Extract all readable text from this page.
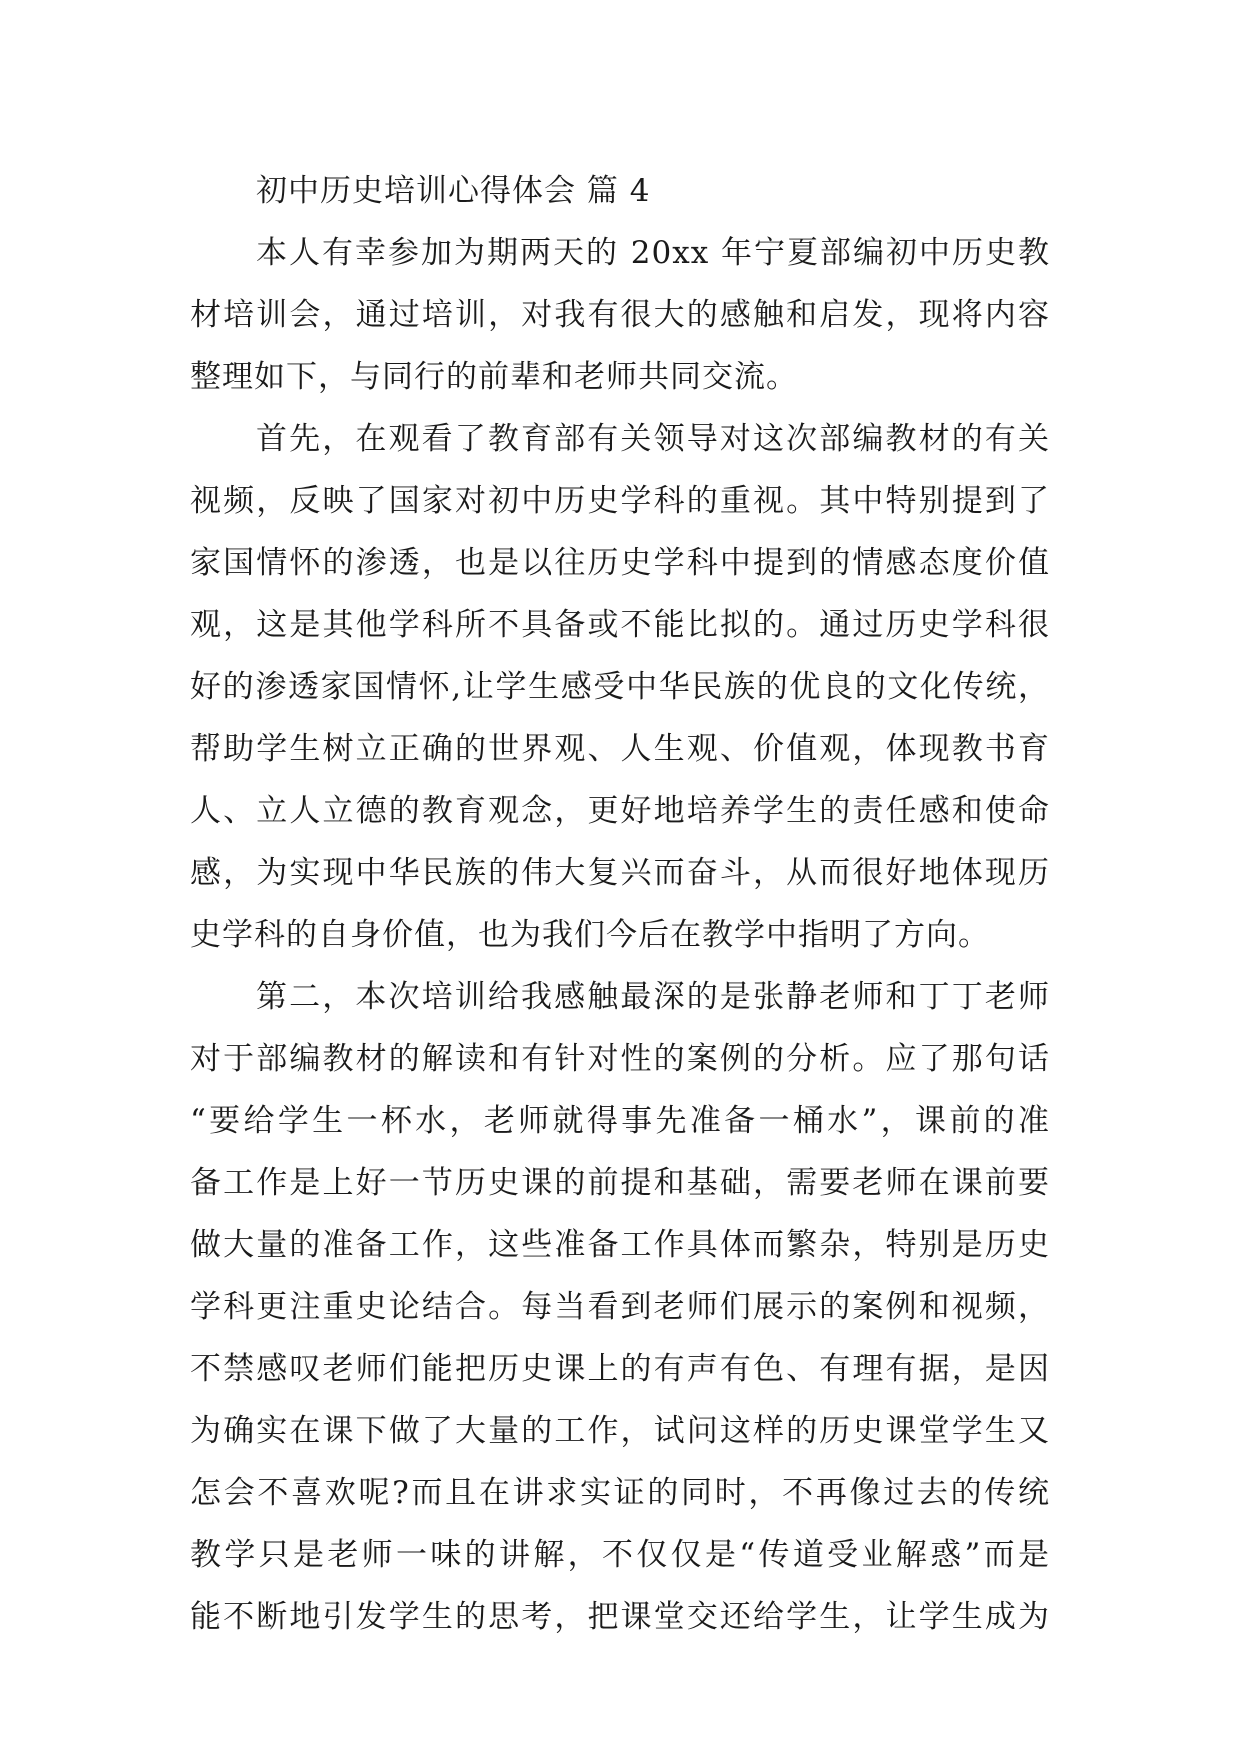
初中历史培训心得体会 篇 4
本人有幸参加为期两天的 20xx 年宁夏部编初中历史教
材培训会，通过培训，对我有很大的感触和启发，现将内容
整理如下，与同行的前辈和老师共同交流。
首先，在观看了教育部有关领导对这次部编教材的有关
视频，反映了国家对初中历史学科的重视。其中特别提到了
家国情怀的渗透，也是以往历史学科中提到的情感态度价值
观，这是其他学科所不具备或不能比拟的。通过历史学科很
好的渗透家国情怀,让学生感受中华民族的优良的文化传统，
帮助学生树立正确的世界观、人生观、价值观，体现教书育
人、立人立德的教育观念，更好地培养学生的责任感和使命
感，为实现中华民族的伟大复兴而奋斗，从而很好地体现历
史学科的自身价值，也为我们今后在教学中指明了方向。
第二，本次培训给我感触最深的是张静老师和丁丁老师
对于部编教材的解读和有针对性的案例的分析。应了那句话
“要给学生一杯水，老师就得事先准备一桶水”，课前的准
备工作是上好一节历史课的前提和基础，需要老师在课前要
做大量的准备工作，这些准备工作具体而繁杂，特别是历史
学科更注重史论结合。每当看到老师们展示的案例和视频，
不禁感叹老师们能把历史课上的有声有色、有理有据，是因
为确实在课下做了大量的工作，试问这样的历史课堂学生又
怎会不喜欢呢?而且在讲求实证的同时，不再像过去的传统
教学只是老师一味的讲解，不仅仅是“传道受业解惑”而是
能不断地引发学生的思考，把课堂交还给学生，让学生成为
